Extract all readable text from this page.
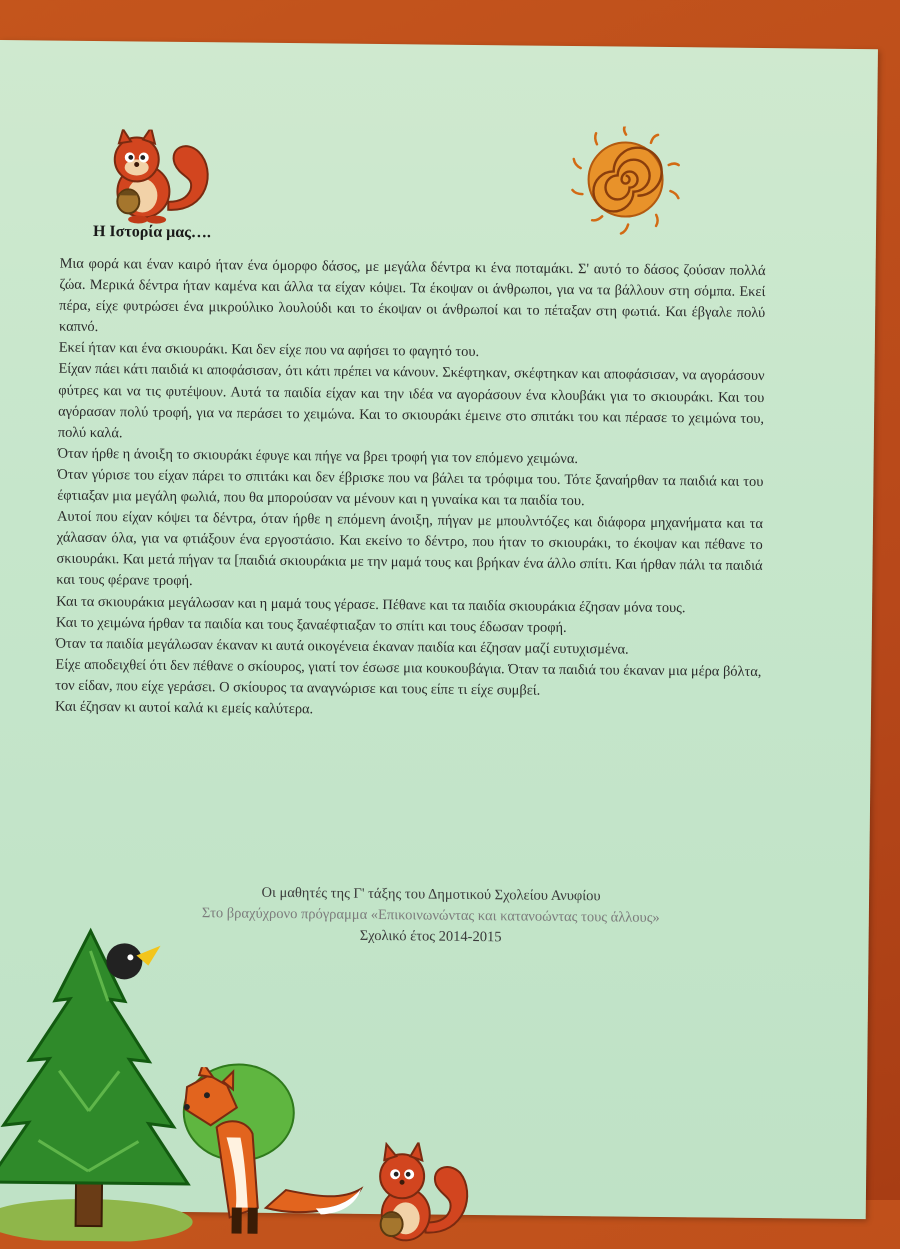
Η Ιστορία μας….

Μια φορά και έναν καιρό ήταν ένα όμορφο δάσος, με μεγάλα δέντρα κι ένα ποταμάκι. Σ' αυτό το δάσος ζούσαν πολλά ζώα. Μερικά δέντρα ήταν καμένα και άλλα τα είχαν κόψει. Τα έκοψαν οι άνθρωποι, για να τα βάλλουν στη σόμπα. Εκεί πέρα, είχε φυτρώσει ένα μικρούλικο λουλούδι και το έκοψαν οι άνθρωποί και το πέταξαν στη φωτιά. Και έβγαλε πολύ καπνό.

Εκεί ήταν και ένα σκιουράκι. Και δεν είχε που να αφήσει το φαγητό του.

Είχαν πάει κάτι παιδιά κι αποφάσισαν, ότι κάτι πρέπει να κάνουν. Σκέφτηκαν, σκέφτηκαν και αποφάσισαν, να αγοράσουν φύτρες και να τις φυτέψουν. Αυτά τα παιδία είχαν και την ιδέα να αγοράσουν ένα κλουβάκι για το σκιουράκι. Και του αγόρασαν πολύ τροφή, για να περάσει το χειμώνα. Και το σκιουράκι έμεινε στο σπιτάκι του και πέρασε το χειμώνα του, πολύ καλά.

Όταν ήρθε η άνοιξη το σκιουράκι έφυγε και πήγε να βρει τροφή για τον επόμενο χειμώνα.

Όταν γύρισε του είχαν πάρει το σπιτάκι και δεν έβρισκε που να βάλει τα τρόφιμα του. Τότε ξαναήρθαν τα παιδιά και του έφτιαξαν μια μεγάλη φωλιά, που θα μπορούσαν να μένουν και η γυναίκα και τα παιδία του.

Αυτοί που είχαν κόψει τα δέντρα, όταν ήρθε η επόμενη άνοιξη, πήγαν με μπουλντόζες και διάφορα μηχανήματα και τα χάλασαν όλα, για να φτιάξουν ένα εργοστάσιο. Και εκείνο το δέντρο, που ήταν το σκιουράκι, το έκοψαν και πέθανε το σκιουράκι. Και μετά πήγαν τα [παιδιά σκιουράκια με την μαμά τους και βρήκαν ένα άλλο σπίτι. Και ήρθαν πάλι τα παιδιά και τους φέρανε τροφή.

Και τα σκιουράκια μεγάλωσαν και η μαμά τους γέρασε. Πέθανε και τα παιδία σκιουράκια έζησαν μόνα τους.

Και το χειμώνα ήρθαν τα παιδία και τους ξαναέφτιαξαν το σπίτι και τους έδωσαν τροφή.

Όταν τα παιδία μεγάλωσαν έκαναν κι αυτά οικογένεια έκαναν παιδία και έζησαν μαζί ευτυχισμένα.

Είχε αποδειχθεί ότι δεν πέθανε ο σκίουρος, γιατί τον έσωσε μια κουκουβάγια. Όταν τα παιδιά του έκαναν μια μέρα βόλτα, τον είδαν, που είχε γεράσει. Ο σκίουρος τα αναγνώρισε και τους είπε τι είχε συμβεί.

Και έζησαν κι αυτοί καλά κι εμείς καλύτερα.

Οι μαθητές της Γ' τάξης του Δημοτικού Σχολείου Ανυφίου

Στο βραχύχρονο πρόγραμμα «Επικοινωνώντας και κατανοώντας τους άλλους»

Σχολικό έτος 2014-2015
